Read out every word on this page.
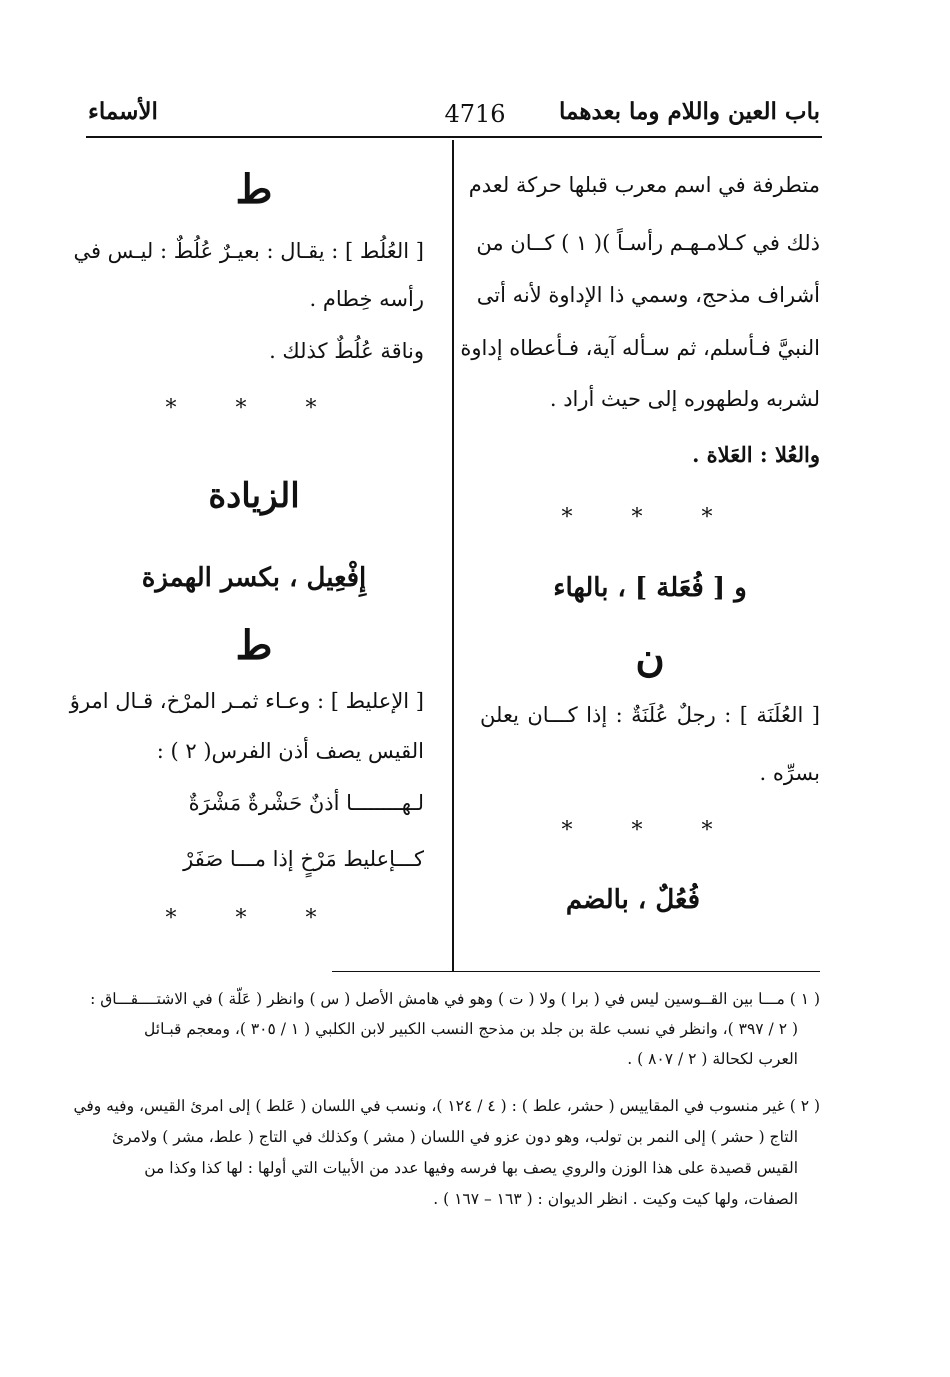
باب العين واللام وما بعدهما
4716
الأسماء
متطرفة في اسم معرب قبلها حركة لعدم
ذلك في كـلامـهـم رأسـاً )( ١ ) كــان من
أشراف مذحج، وسمي ذا الإداوة لأنه أتى
النبيَّ فـأسلم، ثم سـأله آية، فـأعطاه إداوة
لشربه ولطهوره إلى حيث أراد .
والعُلا : العَلاة .
* * *
و [ فُعَلة ] ، بالهاء
ن
[ العُلَنَة ] : رجلٌ عُلَنَةٌ : إذا كـــان يعلن
بسرِّه .
* * *
فُعُلٌ ، بالضم
ط
[ العُلُط ] : يقـال : بعيـرٌ عُلُطٌ : ليـس في
رأسه خِطام .
وناقة عُلُطٌ كذلك .
* * *
الزيادة
إِفْعِيل ، بكسر الهمزة
ط
[ الإعليط ] : وعـاء ثمـر المرْخ، قـال امرؤ
القيس يصف أذن الفرس( ٢ ) :
لـهــــــــا أذنٌ حَشْرةٌ مَشْرَةٌ
كـــإعليط مَرْخٍ إذا مـــا صَفَرْ
* * *
( ١ ) مـــا بين القــوسين ليس في ( برا ) ولا ( ت ) وهو في هامش الأصل ( س ) وانظر ( عَلّة ) في الاشتــــقـــاق :
( ٢ / ٣٩٧ )، وانظر في نسب علة بن جلد بن مذحج النسب الكبير لابن الكلبي ( ١ / ٣٠٥ )، ومعجم قبـائل
العرب لكحالة ( ٢ / ٨٠٧ ) .
( ٢ ) غير منسوب في المقاييس ( حشر، علط ) : ( ٤ / ١٢٤ )، ونسب في اللسان ( عَلط ) إلى امرئ القيس، وفيه وفي
التاج ( حشر ) إلى النمر بن تولب، وهو دون عزو في اللسان ( مشر ) وكذلك في التاج ( علط، مشر ) ولامرئ
القيس قصيدة على هذا الوزن والروي يصف بها فرسه وفيها عدد من الأبيات التي أولها : لها كذا وكذا من
الصفات، ولها كيت وكيت . انظر الديوان : ( ١٦٣ – ١٦٧ ) .
